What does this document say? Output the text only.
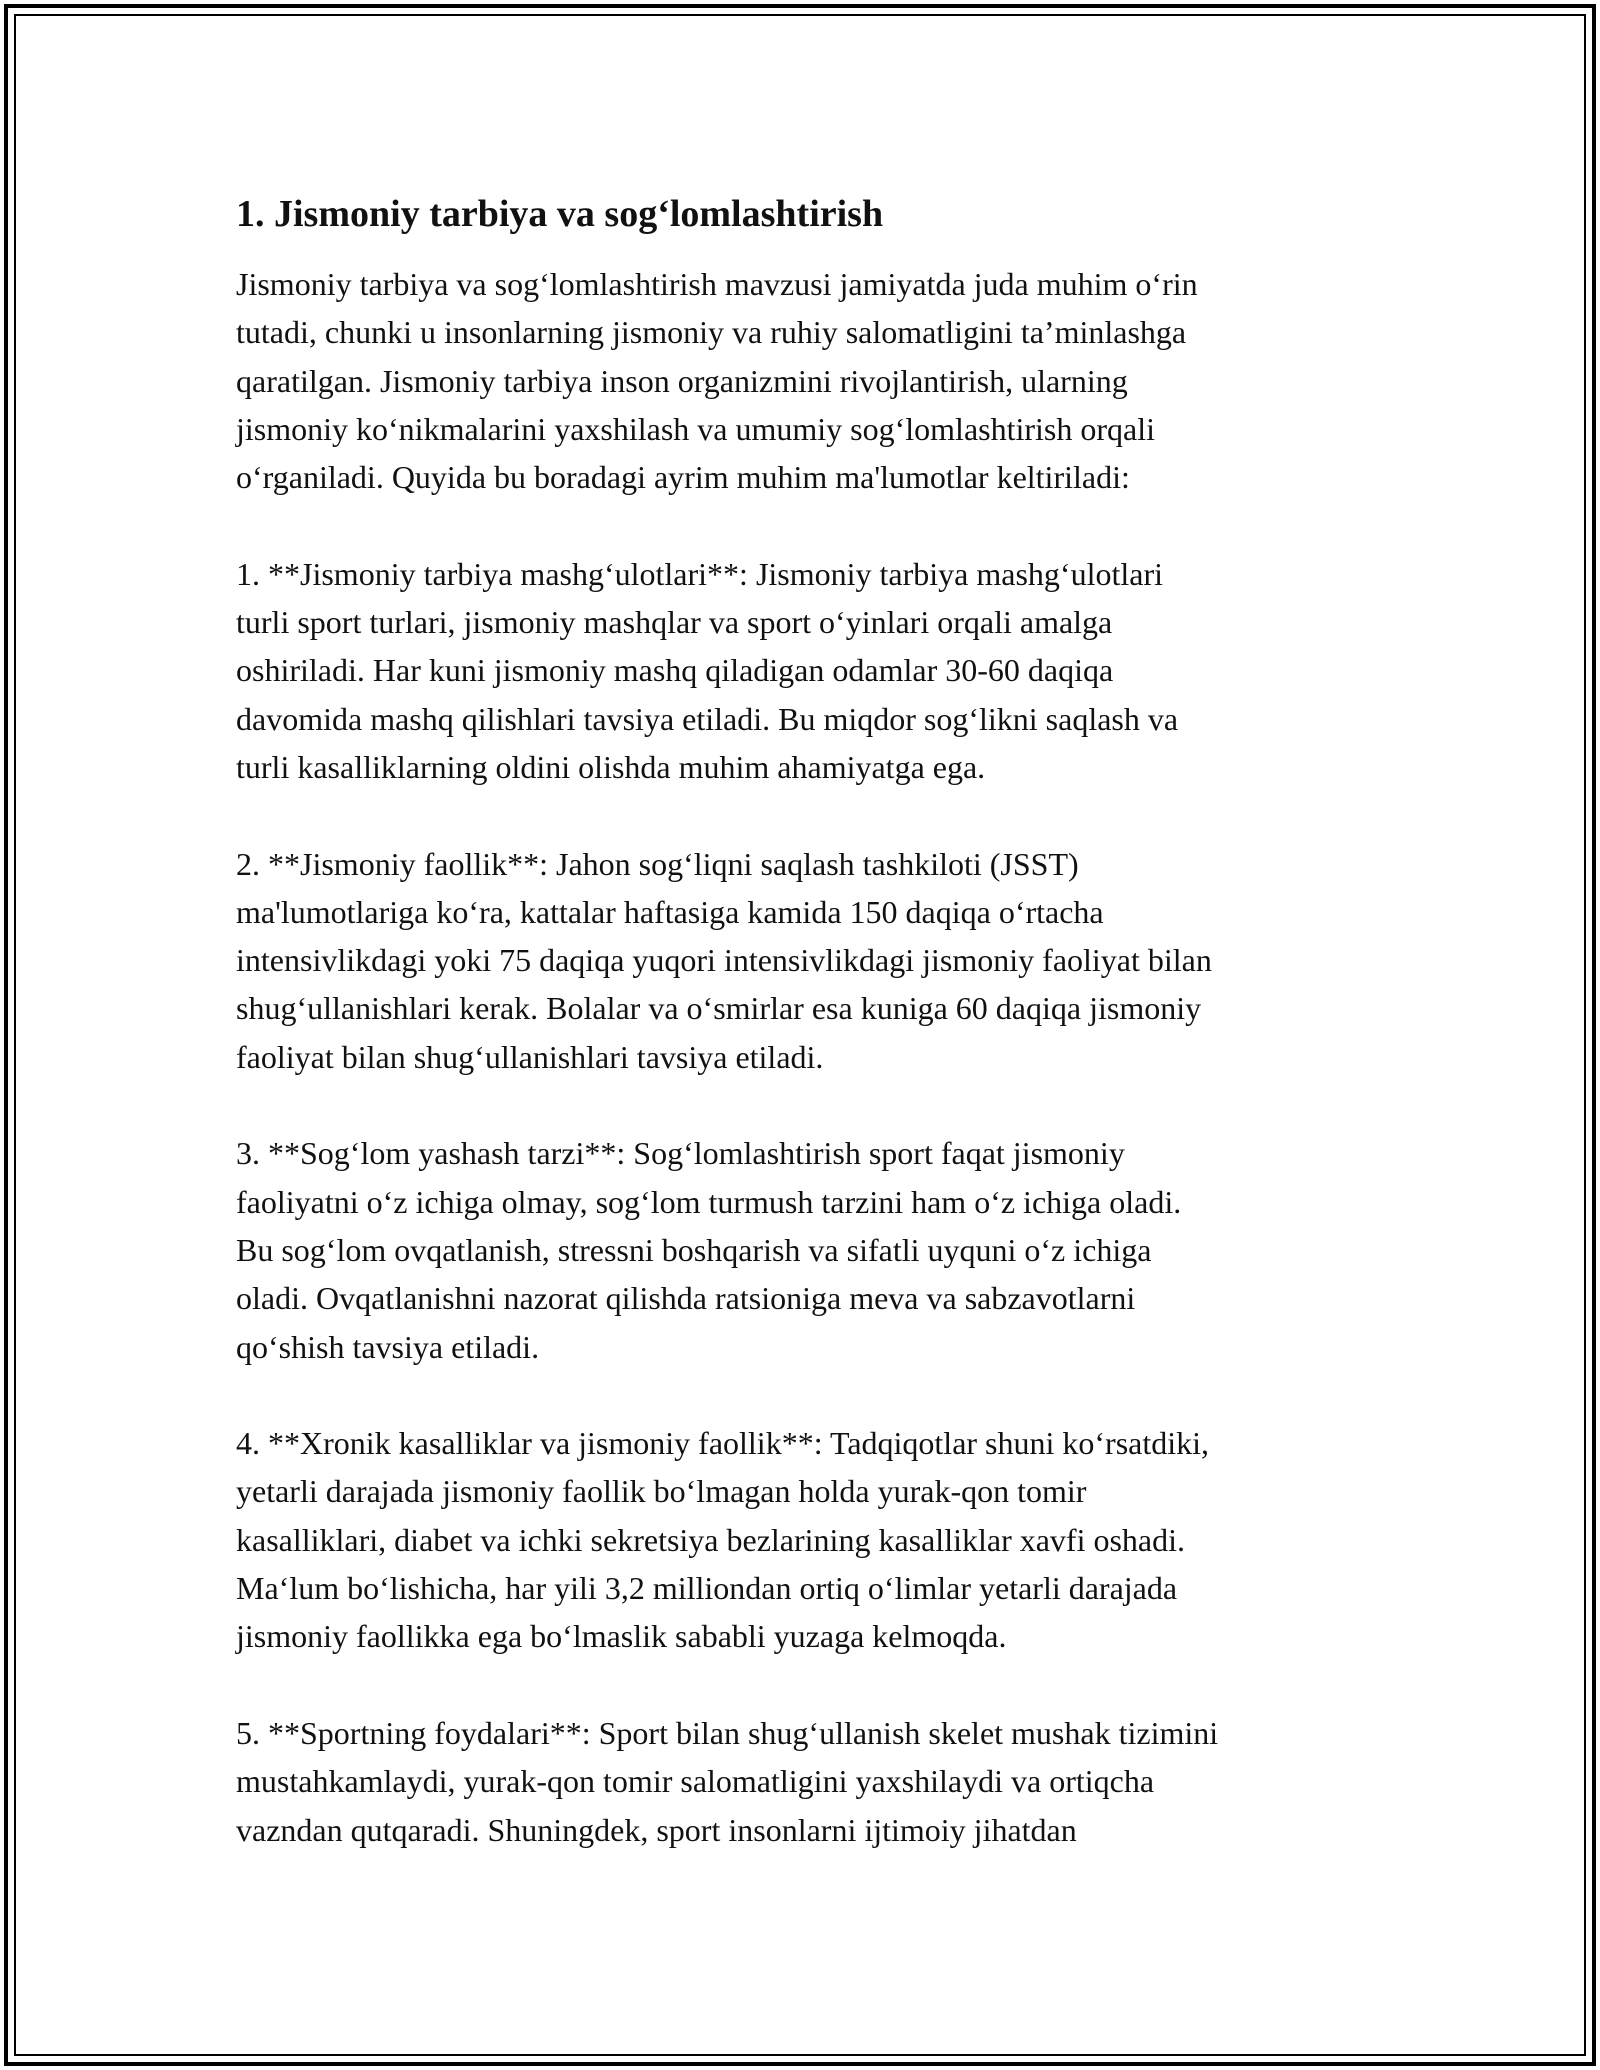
1. Jismoniy tarbiya va sog‘lomlashtirish

Jismoniy tarbiya va sog‘lomlashtirish mavzusi jamiyatda juda muhim o‘rin
tutadi, chunki u insonlarning jismoniy va ruhiy salomatligini ta’minlashga
qaratilgan. Jismoniy tarbiya inson organizmini rivojlantirish, ularning
jismoniy ko‘nikmalarini yaxshilash va umumiy sog‘lomlashtirish orqali
o‘rganiladi. Quyida bu boradagi ayrim muhim ma'lumotlar keltiriladi:

1. **Jismoniy tarbiya mashg‘ulotlari**: Jismoniy tarbiya mashg‘ulotlari
turli sport turlari, jismoniy mashqlar va sport o‘yinlari orqali amalga
oshiriladi. Har kuni jismoniy mashq qiladigan odamlar 30-60 daqiqa
davomida mashq qilishlari tavsiya etiladi. Bu miqdor sog‘likni saqlash va
turli kasalliklarning oldini olishda muhim ahamiyatga ega.

2. **Jismoniy faollik**: Jahon sog‘liqni saqlash tashkiloti (JSST)
ma'lumotlariga ko‘ra, kattalar haftasiga kamida 150 daqiqa o‘rtacha
intensivlikdagi yoki 75 daqiqa yuqori intensivlikdagi jismoniy faoliyat bilan
shug‘ullanishlari kerak. Bolalar va o‘smirlar esa kuniga 60 daqiqa jismoniy
faoliyat bilan shug‘ullanishlari tavsiya etiladi.

3. **Sog‘lom yashash tarzi**: Sog‘lomlashtirish sport faqat jismoniy
faoliyatni o‘z ichiga olmay, sog‘lom turmush tarzini ham o‘z ichiga oladi.
Bu sog‘lom ovqatlanish, stressni boshqarish va sifatli uyquni o‘z ichiga
oladi. Ovqatlanishni nazorat qilishda ratsioniga meva va sabzavotlarni
qo‘shish tavsiya etiladi.

4. **Xronik kasalliklar va jismoniy faollik**: Tadqiqotlar shuni ko‘rsatdiki,
yetarli darajada jismoniy faollik bo‘lmagan holda yurak-qon tomir
kasalliklari, diabet va ichki sekretsiya bezlarining kasalliklar xavfi oshadi.
Ma‘lum bo‘lishicha, har yili 3,2 milliondan ortiq o‘limlar yetarli darajada
jismoniy faollikka ega bo‘lmaslik sababli yuzaga kelmoqda.

5. **Sportning foydalari**: Sport bilan shug‘ullanish skelet mushak tizimini
mustahkamlaydi, yurak-qon tomir salomatligini yaxshilaydi va ortiqcha
vazndan qutqaradi. Shuningdek, sport insonlarni ijtimoiy jihatdan
